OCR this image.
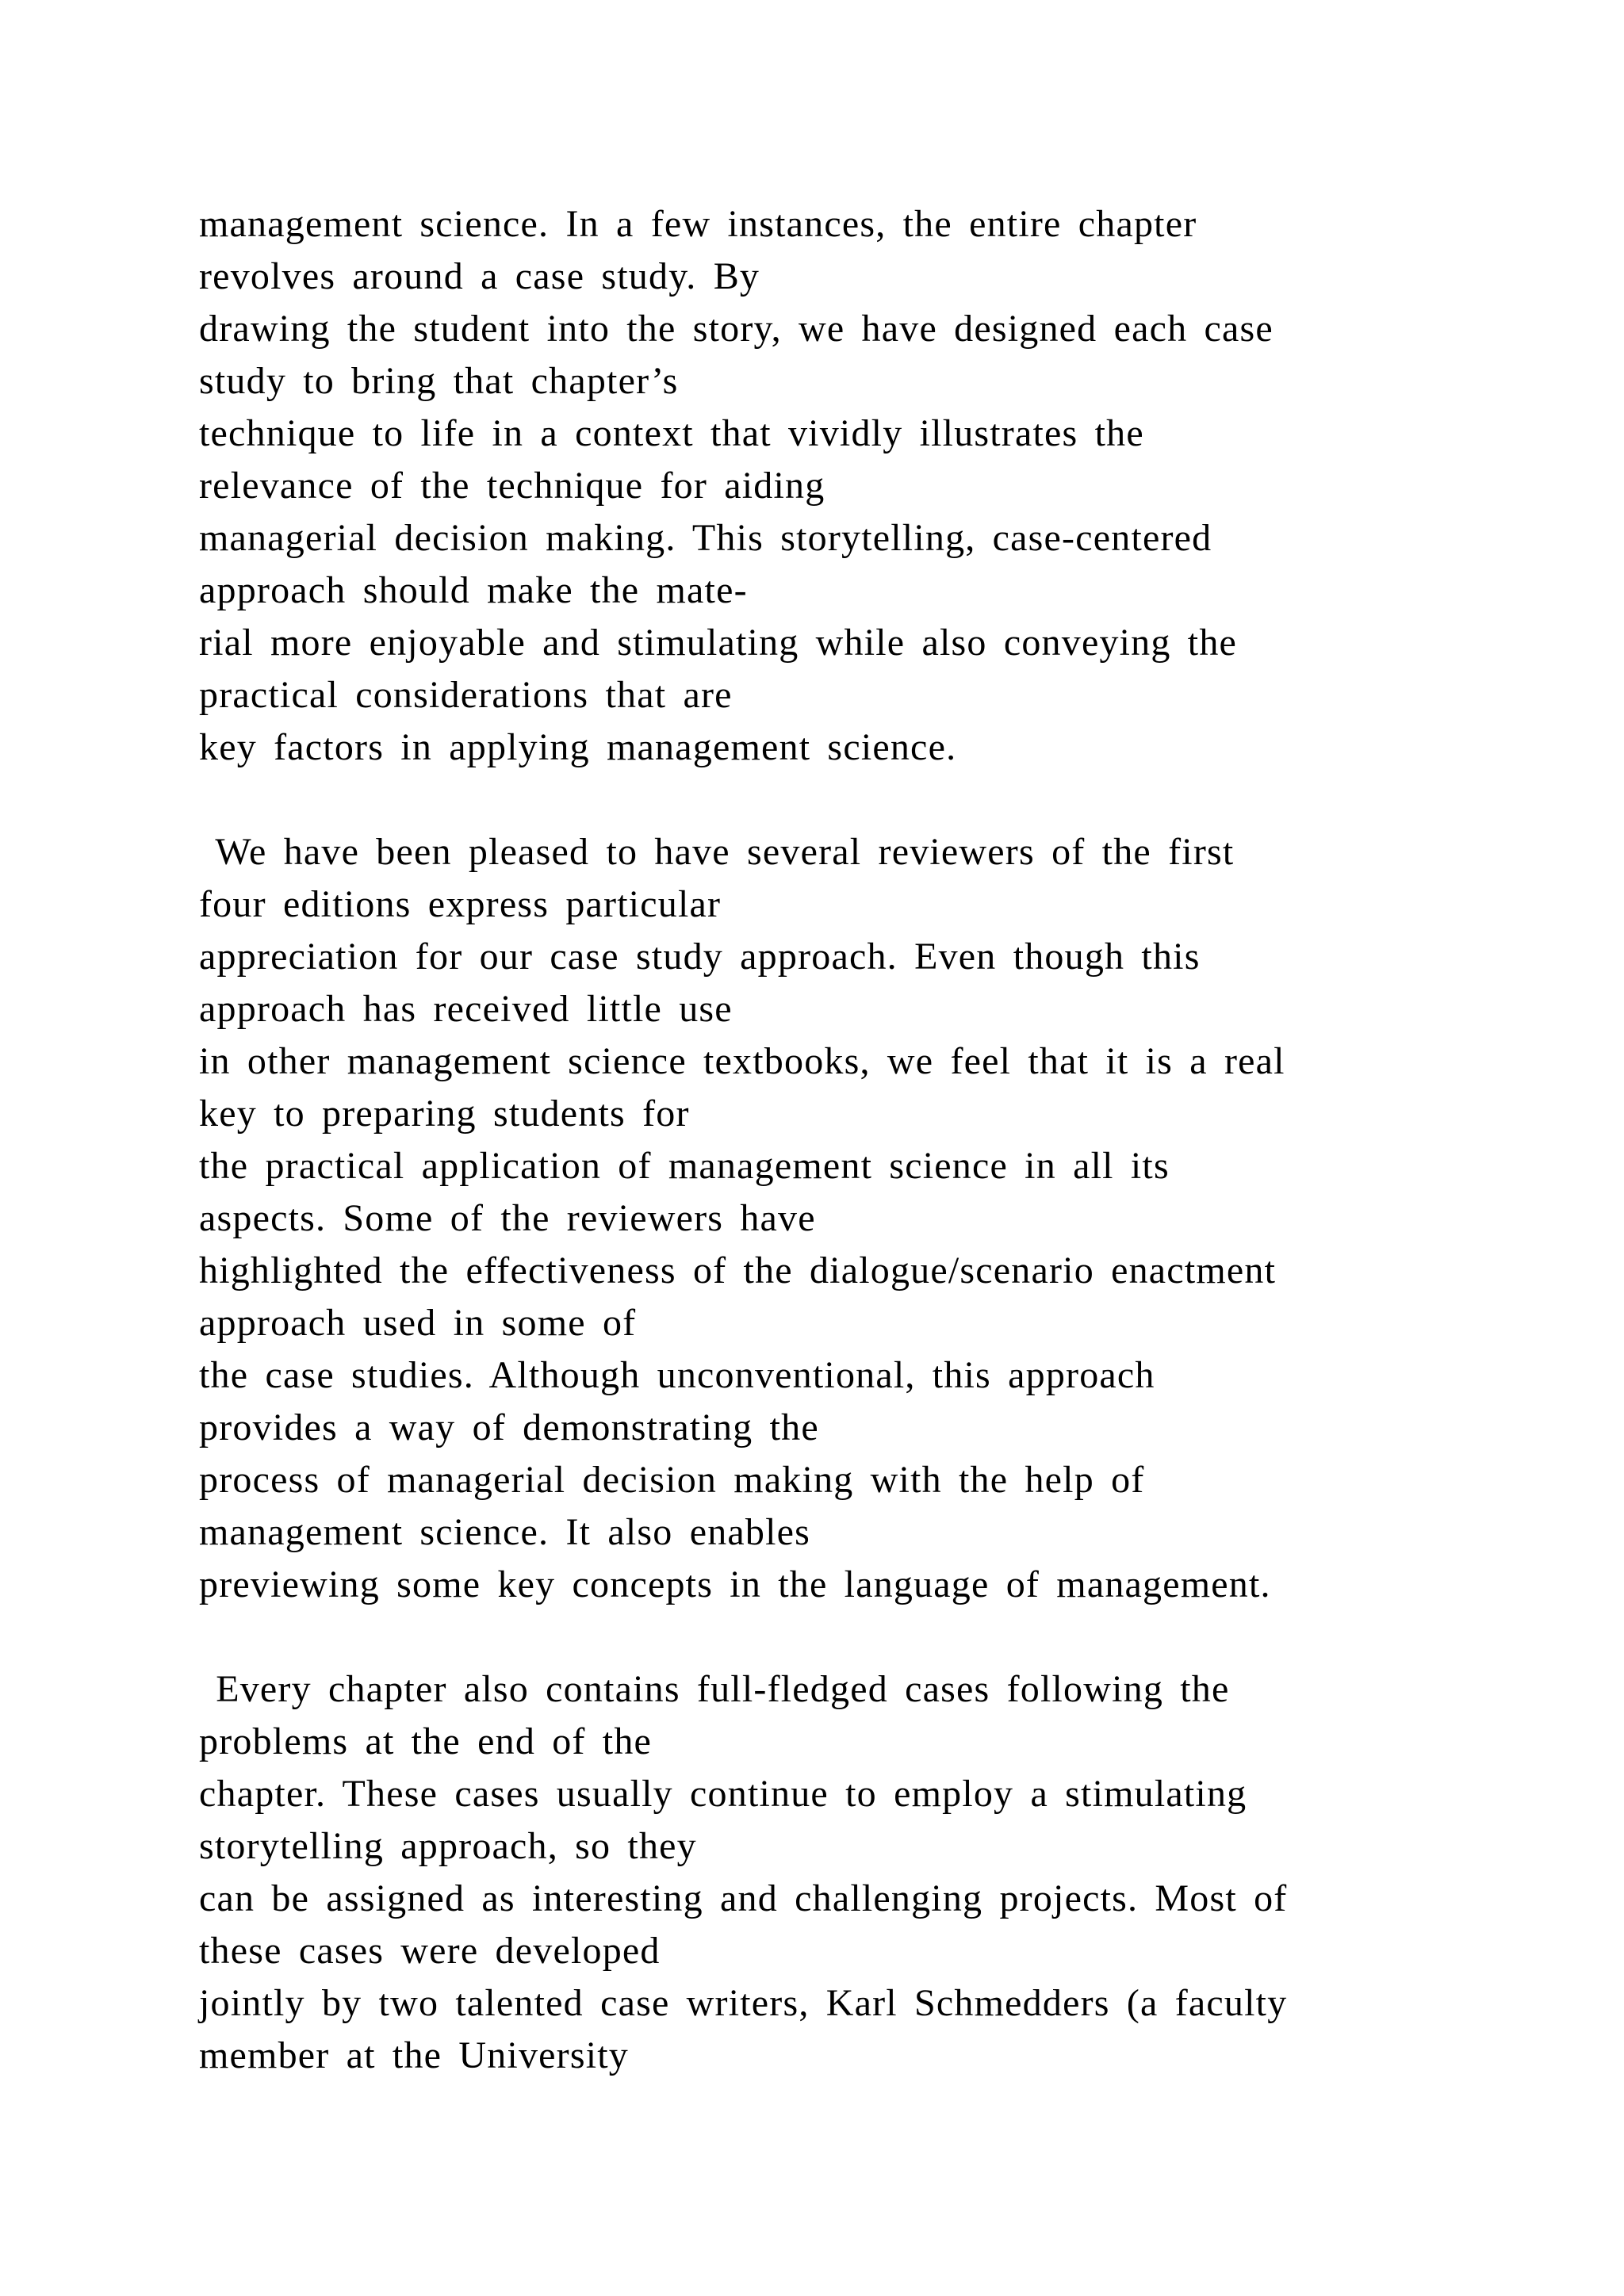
management science. In a few instances, the entire chapter
revolves around a case study. By
drawing the student into the story, we have designed each case
study to bring that chapter’s
technique to life in a context that vividly illustrates the
relevance of the technique for aiding
managerial decision making. This storytelling, case-centered
approach should make the mate-
rial more enjoyable and stimulating while also conveying the
practical considerations that are
key factors in applying management science.
We have been pleased to have several reviewers of the first
four editions express particular
appreciation for our case study approach. Even though this
approach has received little use
in other management science textbooks, we feel that it is a real
key to preparing students for
the practical application of management science in all its
aspects. Some of the reviewers have
highlighted the effectiveness of the dialogue/scenario enactment
approach used in some of
the case studies. Although unconventional, this approach
provides a way of demonstrating the
process of managerial decision making with the help of
management science. It also enables
previewing some key concepts in the language of management.
Every chapter also contains full-fledged cases following the
problems at the end of the
chapter. These cases usually continue to employ a stimulating
storytelling approach, so they
can be assigned as interesting and challenging projects. Most of
these cases were developed
jointly by two talented case writers, Karl Schmedders (a faculty
member at the University
